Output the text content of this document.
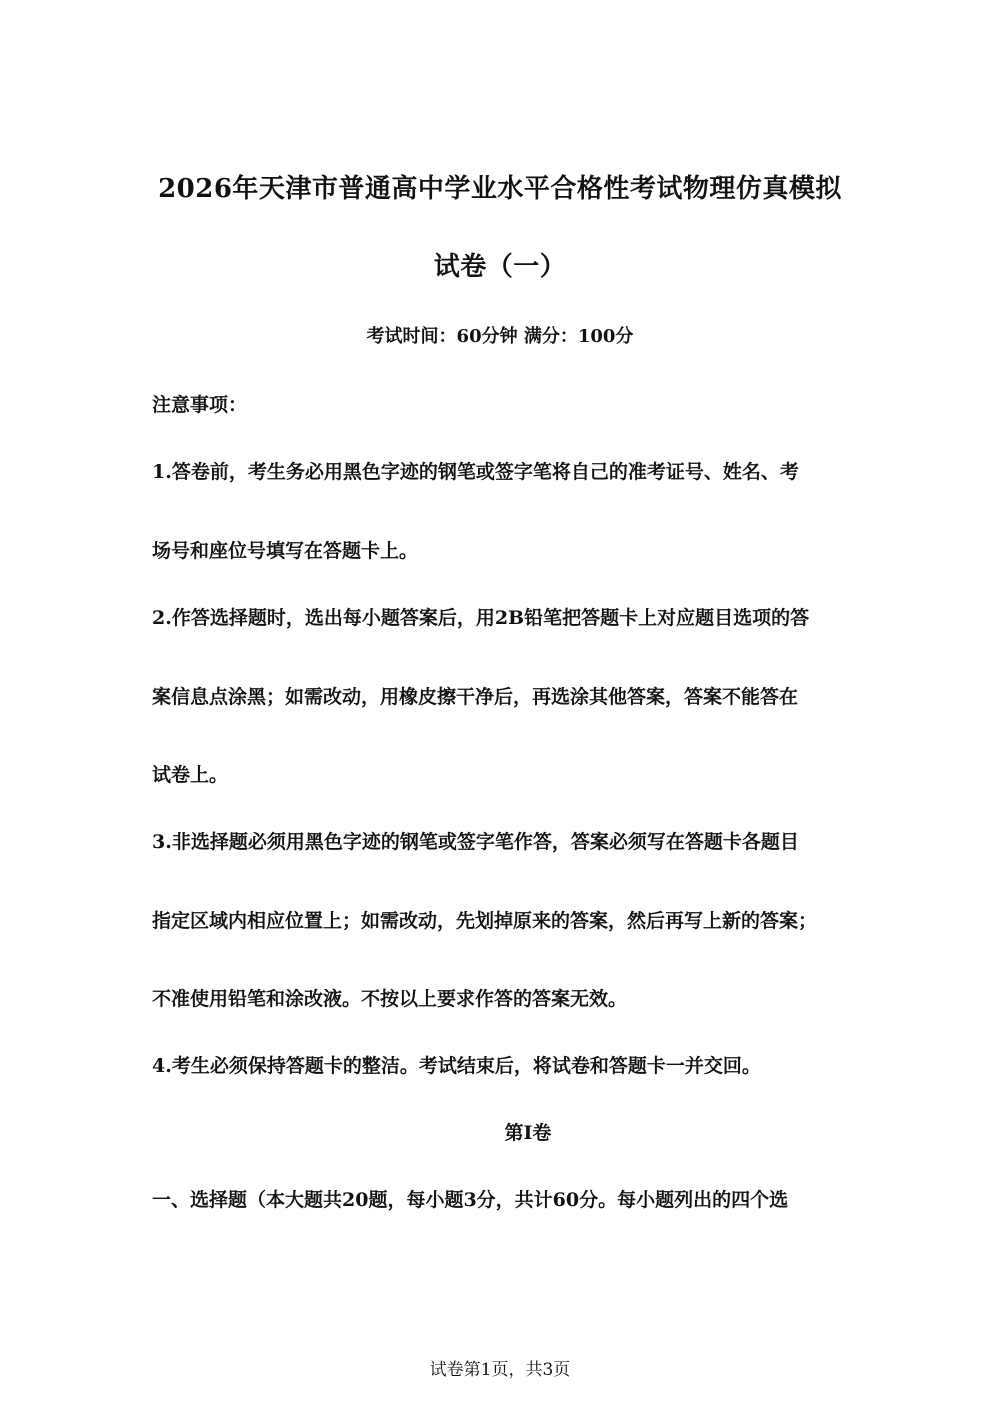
2026年天津市普通高中学业水平合格性考试物理仿真模拟
试卷（一）
考试时间：60分钟 满分：100分
注意事项：
1.答卷前，考生务必用黑色字迹的钢笔或签字笔将自己的准考证号、姓名、考
场号和座位号填写在答题卡上。
2.作答选择题时，选出每小题答案后，用2B铅笔把答题卡上对应题目选项的答
案信息点涂黑；如需改动，用橡皮擦干净后，再选涂其他答案，答案不能答在
试卷上。
3.非选择题必须用黑色字迹的钢笔或签字笔作答，答案必须写在答题卡各题目
指定区域内相应位置上；如需改动，先划掉原来的答案，然后再写上新的答案；
不准使用铅笔和涂改液。不按以上要求作答的答案无效。
4.考生必须保持答题卡的整洁。考试结束后，将试卷和答题卡一并交回。
第Ⅰ卷
一、选择题（本大题共20题，每小题3分，共计60分。每小题列出的四个选
试卷第1页，共3页
